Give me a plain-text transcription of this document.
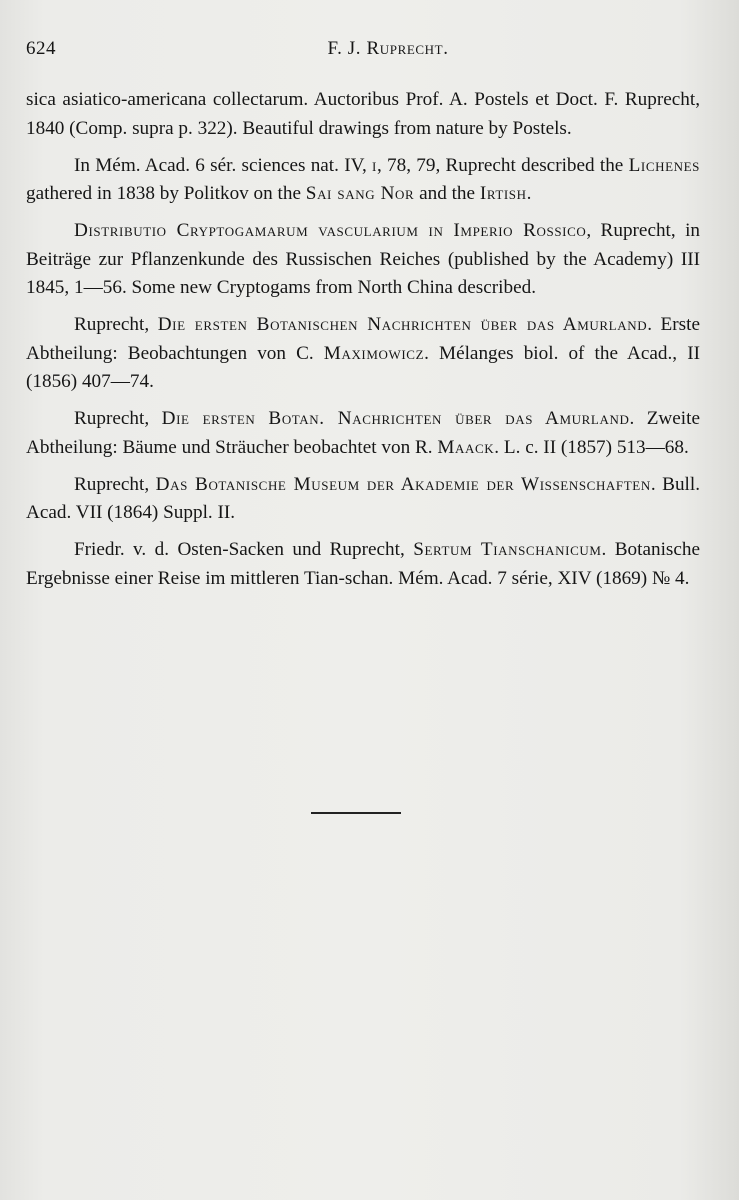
624	F. J. Ruprecht.

sica asiatico-americana collectarum. Auctoribus Prof. A. Postels et Doct. F. Ruprecht, 1840 (Comp. supra p. 322). Beautiful drawings from nature by Postels.

In Mém. Acad. 6 sér. sciences nat. IV, i, 78, 79, Ruprecht described the Lichenes gathered in 1838 by Politkov on the Sai sang Nor and the Irtish.

Distributio Cryptogamarum vascularium in Imperio Rossico, Ruprecht, in Beiträge zur Pflanzenkunde des Russischen Reiches (published by the Academy) III 1845, 1—56. Some new Cryptogams from North China described.

Ruprecht, Die ersten Botanischen Nachrichten über das Amurland. Erste Abtheilung: Beobachtungen von C. Maximowicz. Mélanges biol. of the Acad., II (1856) 407—74.

Ruprecht, Die ersten Botan. Nachrichten über das Amurland. Zweite Abtheilung: Bäume und Sträucher beobachtet von R. Maack. L. c. II (1857) 513—68.

Ruprecht, Das Botanische Museum der Akademie der Wissenschaften. Bull. Acad. VII (1864) Suppl. II.

Friedr. v. d. Osten-Sacken und Ruprecht, Sertum Tianschanicum. Botanische Ergebnisse einer Reise im mittleren Tian-schan. Mém. Acad. 7 série, XIV (1869) № 4.
